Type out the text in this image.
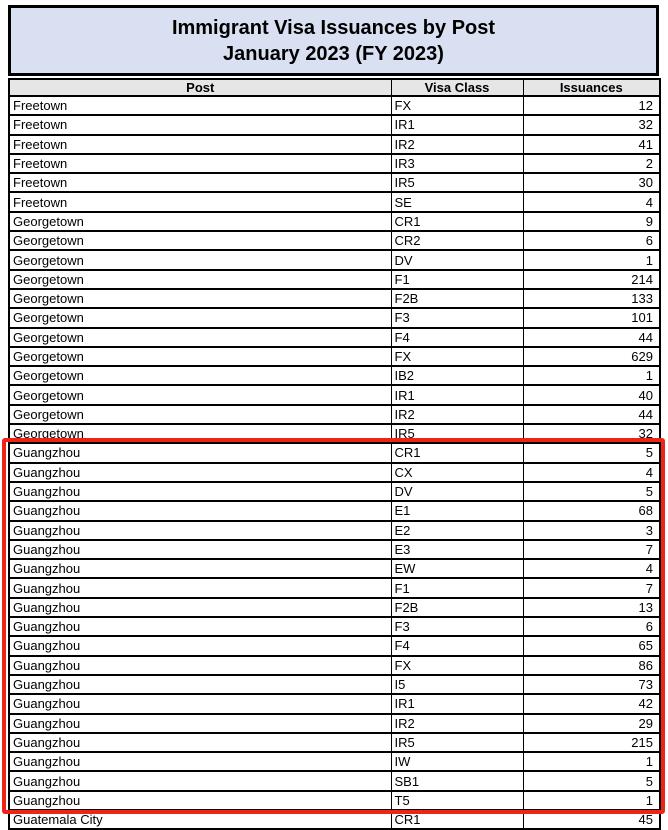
Immigrant Visa Issuances by Post
January 2023 (FY 2023)
Post	Visa Class	Issuances
Freetown	FX	12
Freetown	IR1	32
Freetown	IR2	41
Freetown	IR3	2
Freetown	IR5	30
Freetown	SE	4
Georgetown	CR1	9
Georgetown	CR2	6
Georgetown	DV	1
Georgetown	F1	214
Georgetown	F2B	133
Georgetown	F3	101
Georgetown	F4	44
Georgetown	FX	629
Georgetown	IB2	1
Georgetown	IR1	40
Georgetown	IR2	44
Georgetown	IR5	32
Guangzhou	CR1	5
Guangzhou	CX	4
Guangzhou	DV	5
Guangzhou	E1	68
Guangzhou	E2	3
Guangzhou	E3	7
Guangzhou	EW	4
Guangzhou	F1	7
Guangzhou	F2B	13
Guangzhou	F3	6
Guangzhou	F4	65
Guangzhou	FX	86
Guangzhou	I5	73
Guangzhou	IR1	42
Guangzhou	IR2	29
Guangzhou	IR5	215
Guangzhou	IW	1
Guangzhou	SB1	5
Guangzhou	T5	1
Guatemala City	CR1	45
